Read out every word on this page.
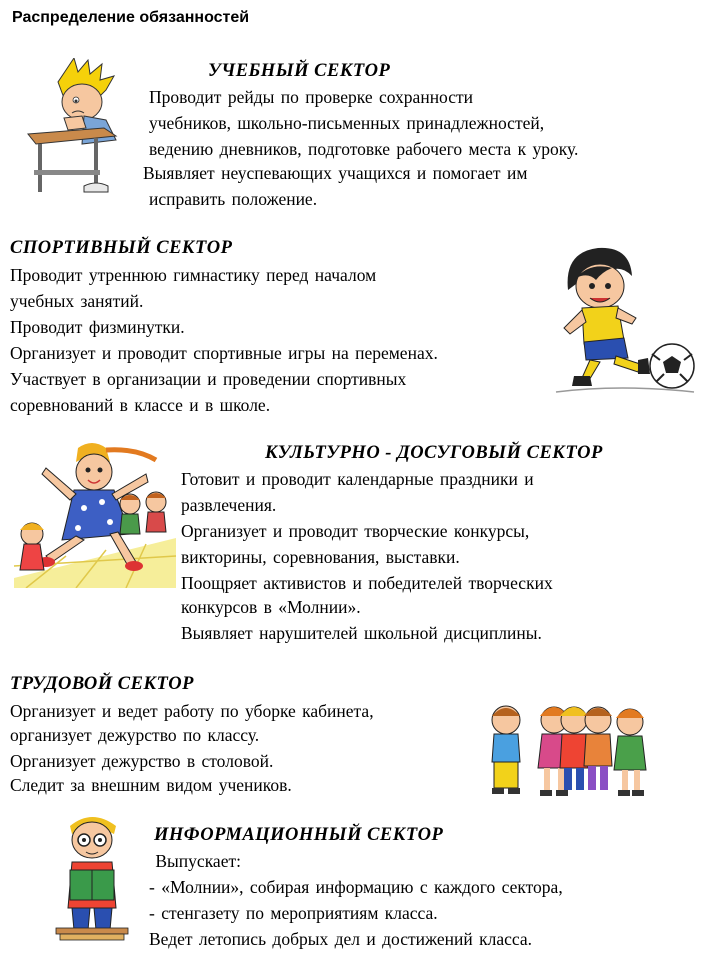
Распределение обязанностей
УЧЕБНЫЙ СЕКТОР
Проводит рейды по проверке сохранности
учебников, школьно-письменных принадлежностей,
ведению дневников, подготовке рабочего места к уроку.
Выявляет неуспевающих учащихся и помогает им
исправить положение.
СПОРТИВНЫЙ СЕКТОР
Проводит утреннюю гимнастику перед началом
учебных занятий.
Проводит физминутки.
Организует и проводит спортивные игры на переменах.
Участвует в организации и проведении спортивных
соревнований в классе и в школе.
КУЛЬТУРНО - ДОСУГОВЫЙ СЕКТОР
Готовит и проводит календарные праздники и
развлечения.
Организует и проводит творческие конкурсы,
викторины, соревнования, выставки.
Поощряет активистов и победителей творческих
конкурсов в «Молнии».
Выявляет нарушителей школьной дисциплины.
ТРУДОВОЙ СЕКТОР
Организует и ведет работу по уборке кабинета,
организует дежурство по классу.
Организует дежурство в столовой.
Следит за внешним видом учеников.
ИНФОРМАЦИОННЫЙ СЕКТОР
Выпускает:
- «Молнии», собирая информацию с каждого сектора,
- стенгазету по мероприятиям класса.
Ведет летопись добрых дел и достижений класса.
